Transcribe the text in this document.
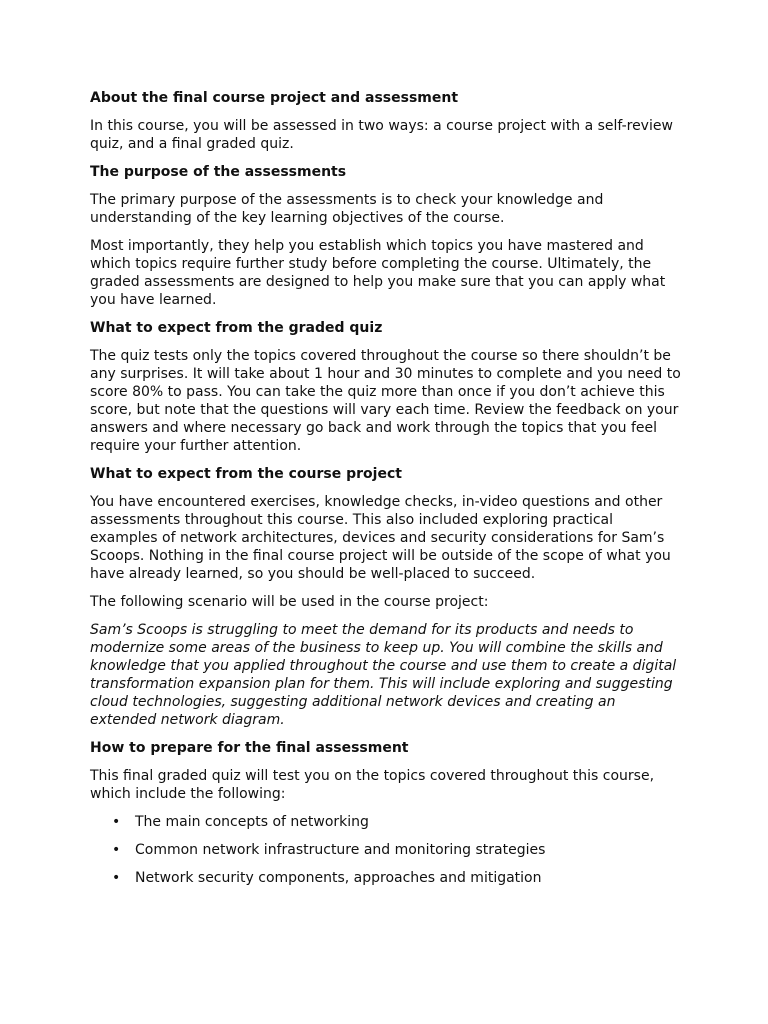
About the final course project and assessment
In this course, you will be assessed in two ways: a course project with a self-review quiz, and a final graded quiz.
The purpose of the assessments
The primary purpose of the assessments is to check your knowledge and understanding of the key learning objectives of the course.
Most importantly, they help you establish which topics you have mastered and which topics require further study before completing the course. Ultimately, the graded assessments are designed to help you make sure that you can apply what you have learned.
What to expect from the graded quiz
The quiz tests only the topics covered throughout the course so there shouldn’t be any surprises. It will take about 1 hour and 30 minutes to complete and you need to score 80% to pass. You can take the quiz more than once if you don’t achieve this score, but note that the questions will vary each time. Review the feedback on your answers and where necessary go back and work through the topics that you feel require your further attention.
What to expect from the course project
You have encountered exercises, knowledge checks, in-video questions and other assessments throughout this course. This also included exploring practical examples of network architectures, devices and security considerations for Sam’s Scoops. Nothing in the final course project will be outside of the scope of what you have already learned, so you should be well-placed to succeed.
The following scenario will be used in the course project:
Sam’s Scoops is struggling to meet the demand for its products and needs to modernize some areas of the business to keep up. You will combine the skills and knowledge that you applied throughout the course and use them to create a digital transformation expansion plan for them. This will include exploring and suggesting cloud technologies, suggesting additional network devices and creating an extended network diagram.
How to prepare for the final assessment
This final graded quiz will test you on the topics covered throughout this course, which include the following:
• The main concepts of networking
• Common network infrastructure and monitoring strategies
• Network security components, approaches and mitigation
